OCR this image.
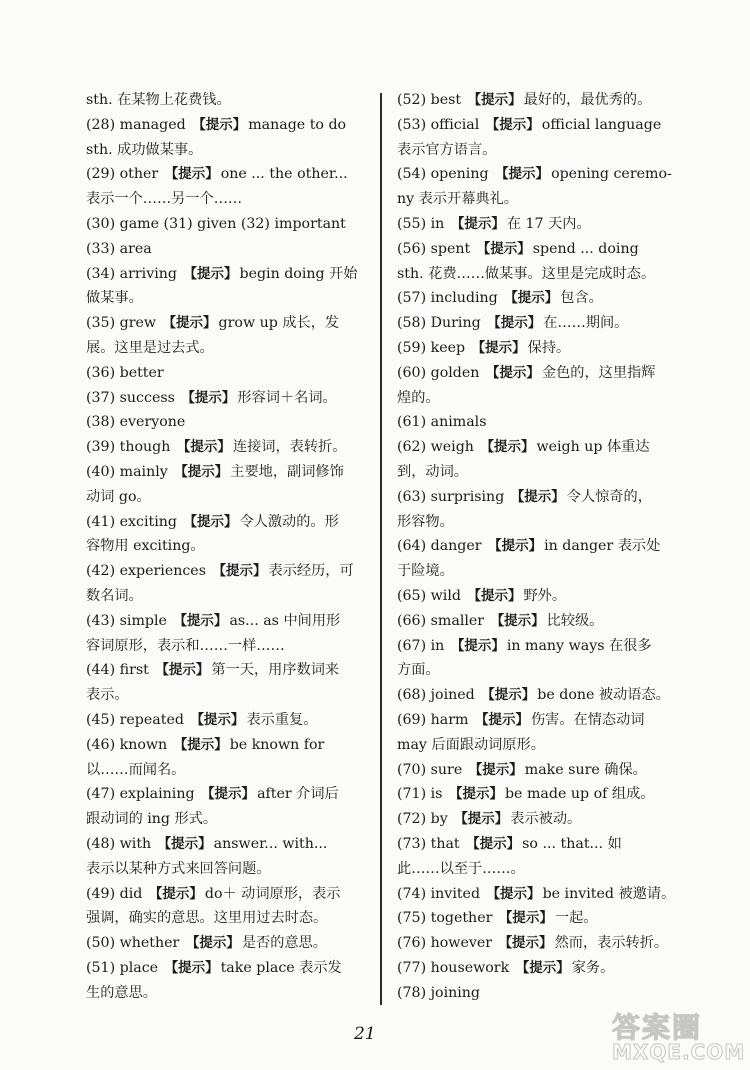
sth. 在某物上花费钱。
(28) managed 【提示】 manage to do
sth. 成功做某事。
(29) other 【提示】 one ... the other...
表示一个……另一个……
(30) game (31) given (32) important
(33) area
(34) arriving 【提示】 begin doing 开始
做某事。
(35) grew 【提示】 grow up 成长，发
展。这里是过去式。
(36) better
(37) success 【提示】 形容词＋名词。
(38) everyone
(39) though 【提示】 连接词，表转折。
(40) mainly 【提示】 主要地，副词修饰
动词 go。
(41) exciting 【提示】 令人激动的。形
容物用 exciting。
(42) experiences 【提示】 表示经历，可
数名词。
(43) simple 【提示】 as... as 中间用形
容词原形，表示和……一样……
(44) first 【提示】 第一天，用序数词来
表示。
(45) repeated 【提示】 表示重复。
(46) known 【提示】 be known for
以……而闻名。
(47) explaining 【提示】 after 介词后
跟动词的 ing 形式。
(48) with 【提示】 answer... with...
表示以某种方式来回答问题。
(49) did 【提示】 do＋ 动词原形，表示
强调，确实的意思。这里用过去时态。
(50) whether 【提示】 是否的意思。
(51) place 【提示】 take place 表示发
生的意思。
(52) best 【提示】 最好的，最优秀的。
(53) official 【提示】 official language
表示官方语言。
(54) opening 【提示】 opening ceremo-
ny 表示开幕典礼。
(55) in 【提示】 在 17 天内。
(56) spent 【提示】 spend ... doing
sth. 花费……做某事。这里是完成时态。
(57) including 【提示】 包含。
(58) During 【提示】 在……期间。
(59) keep 【提示】 保持。
(60) golden 【提示】 金色的，这里指辉
煌的。
(61) animals
(62) weigh 【提示】 weigh up 体重达
到，动词。
(63) surprising 【提示】 令人惊奇的，
形容物。
(64) danger 【提示】 in danger 表示处
于险境。
(65) wild 【提示】 野外。
(66) smaller 【提示】 比较级。
(67) in 【提示】 in many ways 在很多
方面。
(68) joined 【提示】 be done 被动语态。
(69) harm 【提示】 伤害。在情态动词
may 后面跟动词原形。
(70) sure 【提示】 make sure 确保。
(71) is 【提示】 be made up of 组成。
(72) by 【提示】 表示被动。
(73) that 【提示】 so ... that... 如
此……以至于……。
(74) invited 【提示】 be invited 被邀请。
(75) together 【提示】 一起。
(76) however 【提示】 然而，表示转折。
(77) housework 【提示】 家务。
(78) joining
21	答案圈
MXQE.COM
